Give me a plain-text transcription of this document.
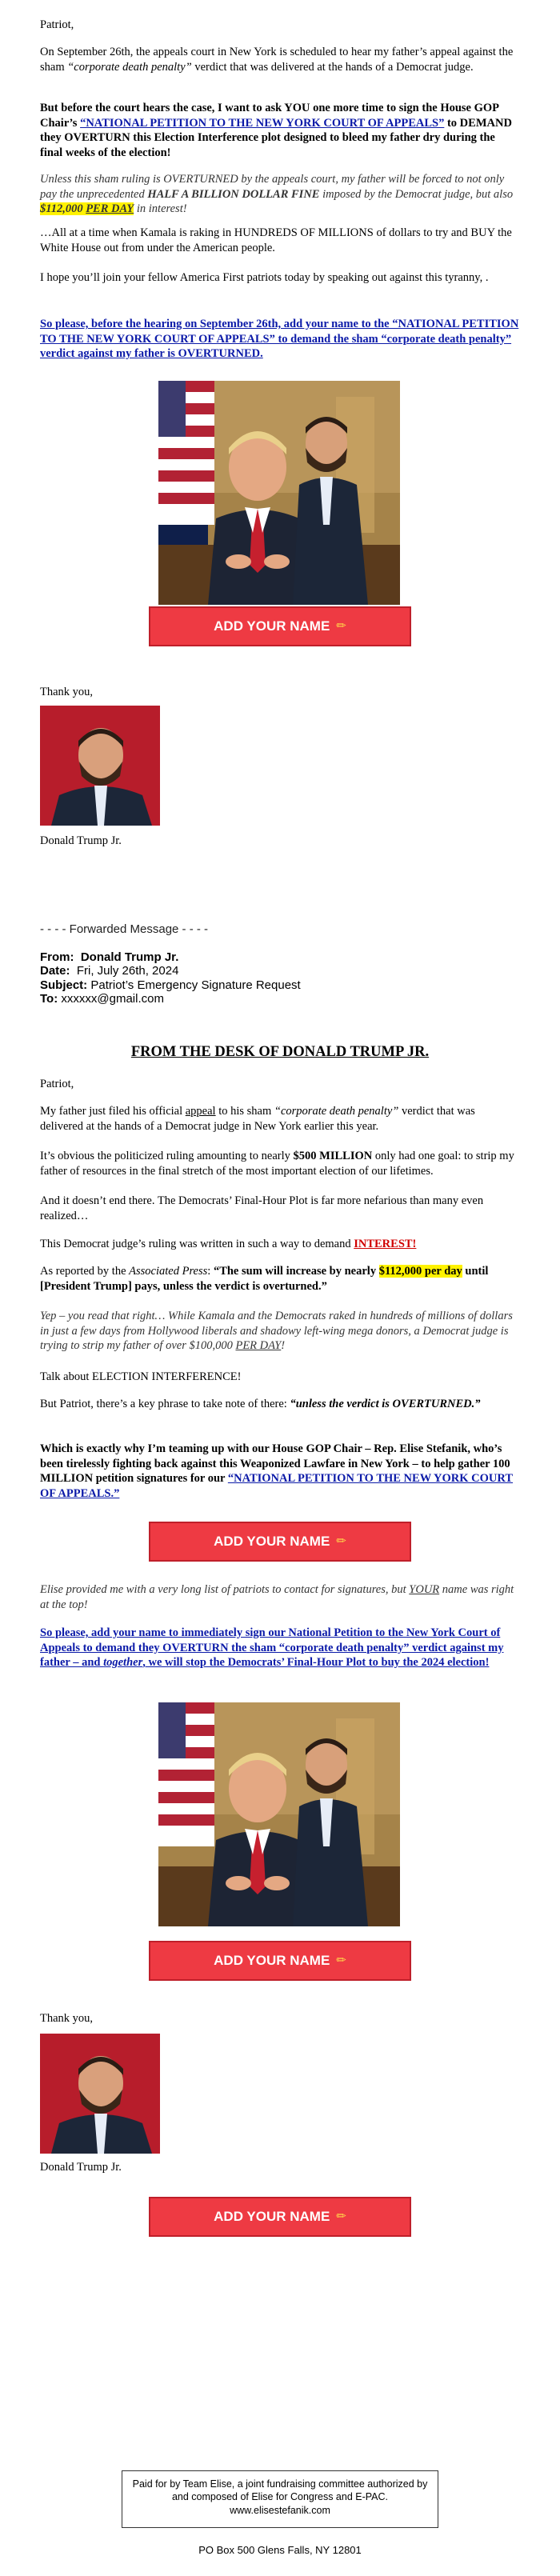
Patriot,

On September 26th, the appeals court in New York is scheduled to hear my father’s appeal against the sham “corporate death penalty” verdict that was delivered at the hands of a Democrat judge.

But before the court hears the case, I want to ask YOU one more time to sign the House GOP Chair’s “NATIONAL PETITION TO THE NEW YORK COURT OF APPEALS” to DEMAND they OVERTURN this Election Interference plot designed to bleed my father dry during the final weeks of the election!

Unless this sham ruling is OVERTURNED by the appeals court, my father will be forced to not only pay the unprecedented HALF A BILLION DOLLAR FINE imposed by the Democrat judge, but also $112,000 PER DAY in interest!

…All at a time when Kamala is raking in HUNDREDS OF MILLIONS of dollars to try and BUY the White House out from under the American people.

I hope you’ll join your fellow America First patriots today by speaking out against this tyranny, .

So please, before the hearing on September 26th, add your name to the “NATIONAL PETITION TO THE NEW YORK COURT OF APPEALS” to demand the sham “corporate death penalty” verdict against my father is OVERTURNED.

ADD YOUR NAME ✏

Thank you,

Donald Trump Jr.

- - - - Forwarded Message - - - -

From: Donald Trump Jr.
Date: Fri, July 26th, 2024
Subject: Patriot’s Emergency Signature Request
To: xxxxxx@gmail.com

FROM THE DESK OF DONALD TRUMP JR.

Patriot,

My father just filed his official appeal to his sham “corporate death penalty” verdict that was delivered at the hands of a Democrat judge in New York earlier this year.

It’s obvious the politicized ruling amounting to nearly $500 MILLION only had one goal: to strip my father of resources in the final stretch of the most important election of our lifetimes.

And it doesn’t end there. The Democrats’ Final-Hour Plot is far more nefarious than many even realized…

This Democrat judge’s ruling was written in such a way to demand INTEREST!

As reported by the Associated Press: “The sum will increase by nearly $112,000 per day until [President Trump] pays, unless the verdict is overturned.”

Yep – you read that right… While Kamala and the Democrats raked in hundreds of millions of dollars in just a few days from Hollywood liberals and shadowy left-wing mega donors, a Democrat judge is trying to strip my father of over $100,000 PER DAY!

Talk about ELECTION INTERFERENCE!

But Patriot, there’s a key phrase to take note of there: “unless the verdict is OVERTURNED.”

Which is exactly why I’m teaming up with our House GOP Chair – Rep. Elise Stefanik, who’s been tirelessly fighting back against this Weaponized Lawfare in New York – to help gather 100 MILLION petition signatures for our “NATIONAL PETITION TO THE NEW YORK COURT OF APPEALS.”

ADD YOUR NAME ✏

Elise provided me with a very long list of patriots to contact for signatures, but YOUR name was right at the top!

So please, add your name to immediately sign our National Petition to the New York Court of Appeals to demand they OVERTURN the sham “corporate death penalty” verdict against my father – and together, we will stop the Democrats’ Final-Hour Plot to buy the 2024 election!

ADD YOUR NAME ✏

Thank you,

Donald Trump Jr.

ADD YOUR NAME ✏
Paid for by Team Elise, a joint fundraising committee authorized by and composed of Elise for Congress and E-PAC. www.elisestefanik.com

PO Box 500 Glens Falls, NY 12801
